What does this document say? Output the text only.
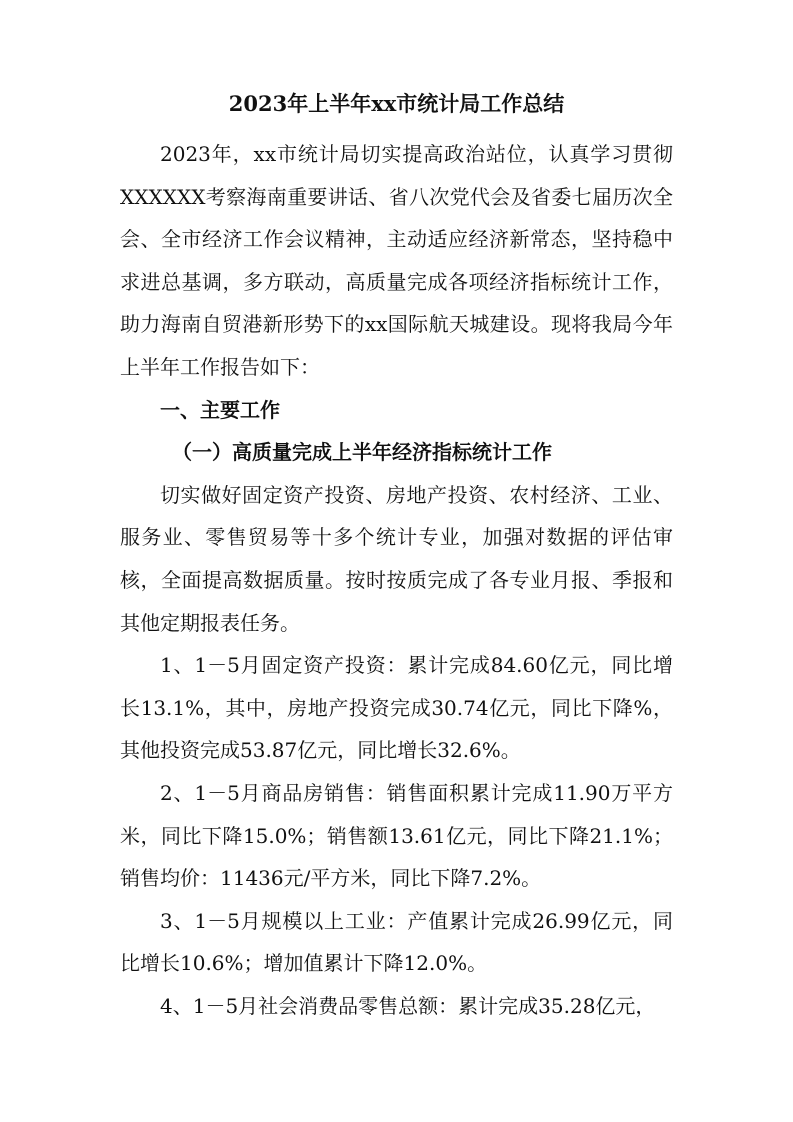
2023年上半年xx市统计局工作总结

2023年，xx市统计局切实提高政治站位，认真学习贯彻XXXXXX考察海南重要讲话、省八次党代会及省委七届历次全会、全市经济工作会议精神，主动适应经济新常态，坚持稳中求进总基调，多方联动，高质量完成各项经济指标统计工作，助力海南自贸港新形势下的xx国际航天城建设。现将我局今年上半年工作报告如下：

一、主要工作

（一）高质量完成上半年经济指标统计工作

切实做好固定资产投资、房地产投资、农村经济、工业、服务业、零售贸易等十多个统计专业，加强对数据的评估审核，全面提高数据质量。按时按质完成了各专业月报、季报和其他定期报表任务。

1、1－5月固定资产投资：累计完成84.60亿元，同比增长13.1%，其中，房地产投资完成30.74亿元，同比下降%，其他投资完成53.87亿元，同比增长32.6%。

2、1－5月商品房销售：销售面积累计完成11.90万平方米，同比下降15.0%；销售额13.61亿元，同比下降21.1%；销售均价：11436元/平方米，同比下降7.2%。

3、1－5月规模以上工业：产值累计完成26.99亿元，同比增长10.6%；增加值累计下降12.0%。

4、1－5月社会消费品零售总额：累计完成35.28亿元，
